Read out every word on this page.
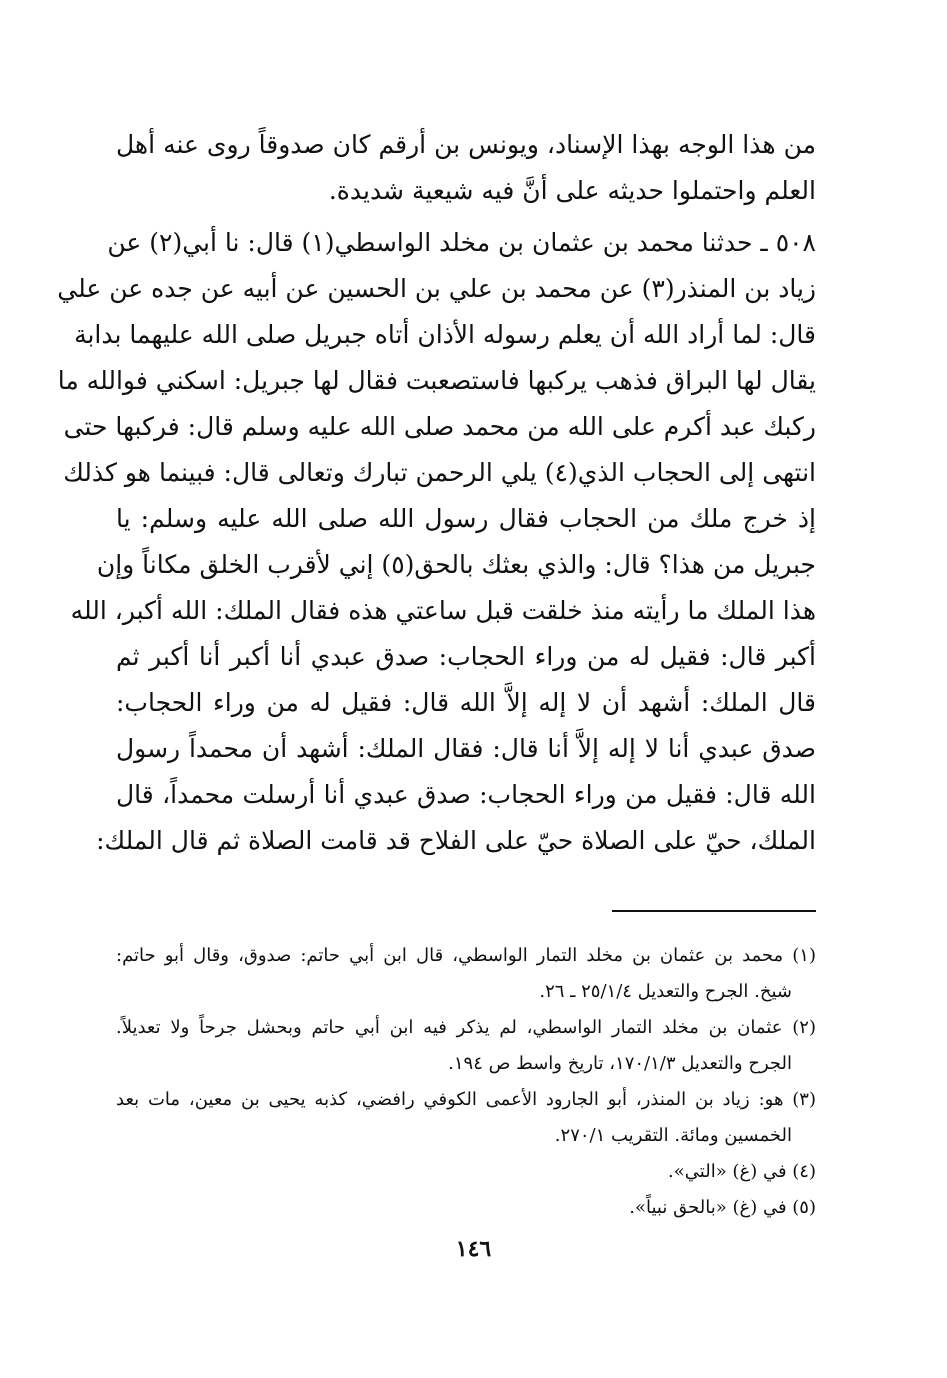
من هذا الوجه بهذا الإسناد، ويونس بن أرقم كان صدوقاً روى عنه أهل
العلم واحتملوا حديثه على أنَّ فيه شيعية شديدة.
٥٠٨ ـ حدثنا محمد بن عثمان بن مخلد الواسطي(١) قال: نا أبي(٢) عن
زياد بن المنذر(٣) عن محمد بن علي بن الحسين عن أبيه عن جده عن علي
قال: لما أراد الله أن يعلم رسوله الأذان أتاه جبريل صلى الله عليهما بدابة
يقال لها البراق فذهب يركبها فاستصعبت فقال لها جبريل: اسكني فوالله ما
ركبك عبد أكرم على الله من محمد صلى الله عليه وسلم قال: فركبها حتى
انتهى إلى الحجاب الذي(٤) يلي الرحمن تبارك وتعالى قال: فبينما هو كذلك
إذ خرج ملك من الحجاب فقال رسول الله صلى الله عليه وسلم: يا
جبريل من هذا؟ قال: والذي بعثك بالحق(٥) إني لأقرب الخلق مكاناً وإن
هذا الملك ما رأيته منذ خلقت قبل ساعتي هذه فقال الملك: الله أكبر، الله
أكبر قال: فقيل له من وراء الحجاب: صدق عبدي أنا أكبر أنا أكبر ثم
قال الملك: أشهد أن لا إله إلاَّ الله قال: فقيل له من وراء الحجاب:
صدق عبدي أنا لا إله إلاَّ أنا قال: فقال الملك: أشهد أن محمداً رسول
الله قال: فقيل من وراء الحجاب: صدق عبدي أنا أرسلت محمداً، قال
الملك، حيّ على الصلاة حيّ على الفلاح قد قامت الصلاة ثم قال الملك:
(١) محمد بن عثمان بن مخلد التمار الواسطي، قال ابن أبي حاتم: صدوق، وقال أبو حاتم:
شيخ. الجرح والتعديل ٢٥/١/٤ ـ ٢٦.
(٢) عثمان بن مخلد التمار الواسطي، لم يذكر فيه ابن أبي حاتم وبحشل جرحاً ولا تعديلاً.
الجرح والتعديل ١٧٠/١/٣، تاريخ واسط ص ١٩٤.
(٣) هو: زياد بن المنذر، أبو الجارود الأعمى الكوفي رافضي، كذبه يحيى بن معين، مات بعد
الخمسين ومائة. التقريب ٢٧٠/١.
(٤) في (غ) «التي».
(٥) في (غ) «بالحق نبياً».
١٤٦
